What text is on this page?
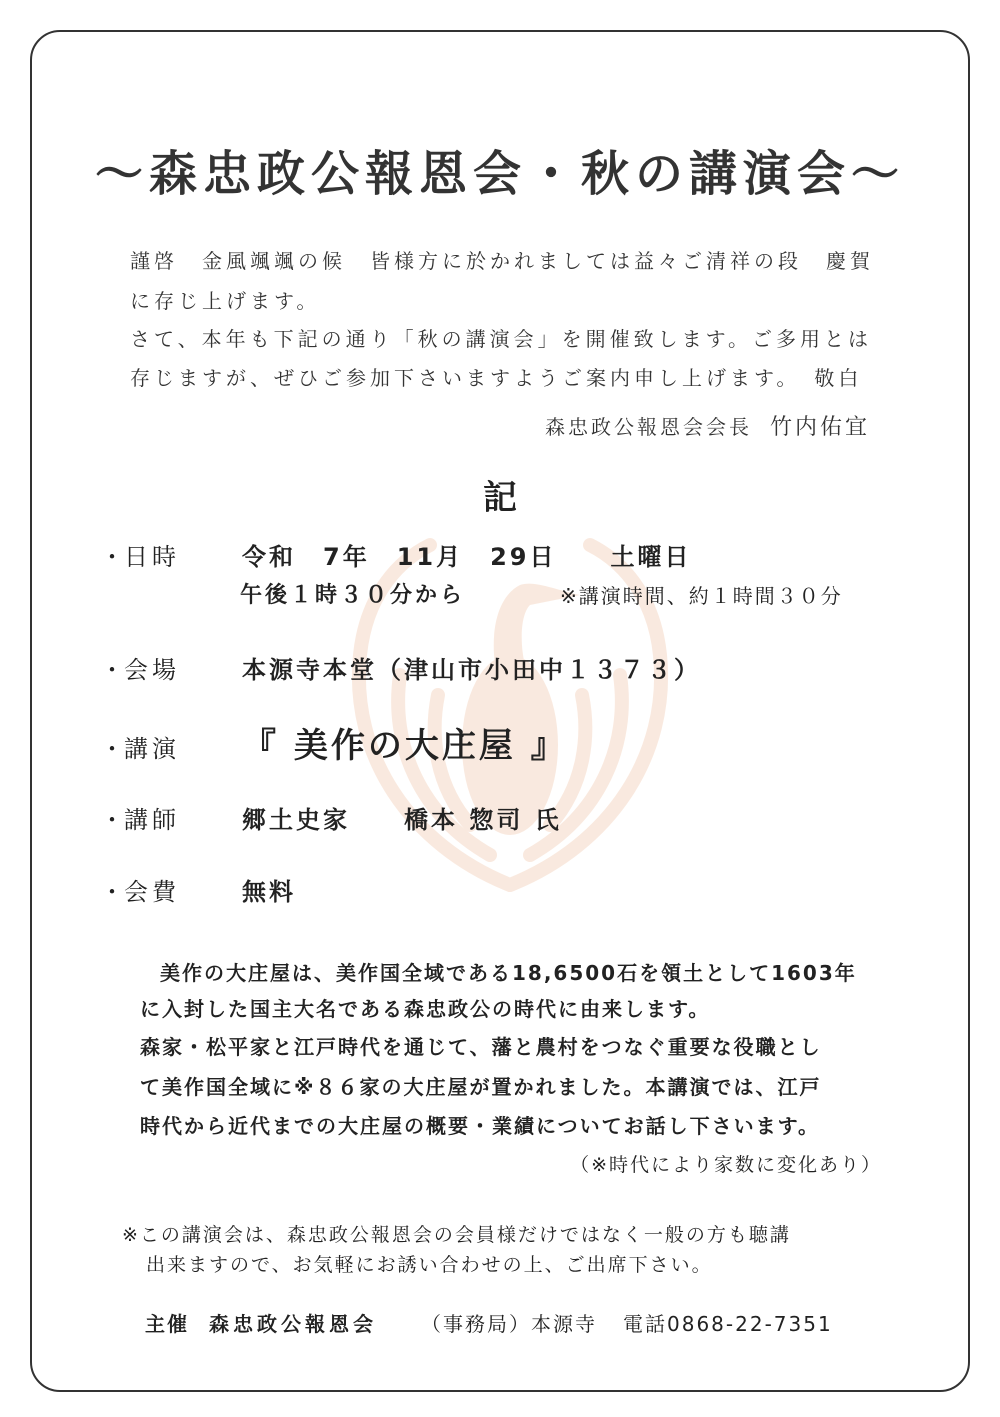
～森忠政公報恩会・秋の講演会～
謹啓　金風颯颯の候　皆様方に於かれましては益々ご清祥の段　慶賀
に存じ上げます。
さて、本年も下記の通り「秋の講演会」を開催致します。ご多用とは
存じますが、ぜひご参加下さいますようご案内申し上げます。　敬白
森忠政公報恩会会長 竹内佑宜
記
・日時	令和　7年　11月　29日　　土曜日
午後１時３０分から	※講演時間、約１時間３０分
・会場	本源寺本堂（津山市小田中１３７３）
・講演 『 美作の大庄屋 』
・講師	郷土史家　　橋本 惣司 氏
・会費	無料
美作の大庄屋は、美作国全域である18,6500石を領土として1603年
に入封した国主大名である森忠政公の時代に由来します。
森家・松平家と江戸時代を通じて、藩と農村をつなぐ重要な役職とし
て美作国全域に※８６家の大庄屋が置かれました。本講演では、江戸
時代から近代までの大庄屋の概要・業績についてお話し下さいます。
（※時代により家数に変化あり）
※この講演会は、森忠政公報恩会の会員様だけではなく一般の方も聴講
出来ますので、お気軽にお誘い合わせの上、ご出席下さい。
主催 森忠政公報恩会 （事務局）本源寺 電話0868-22-7351
